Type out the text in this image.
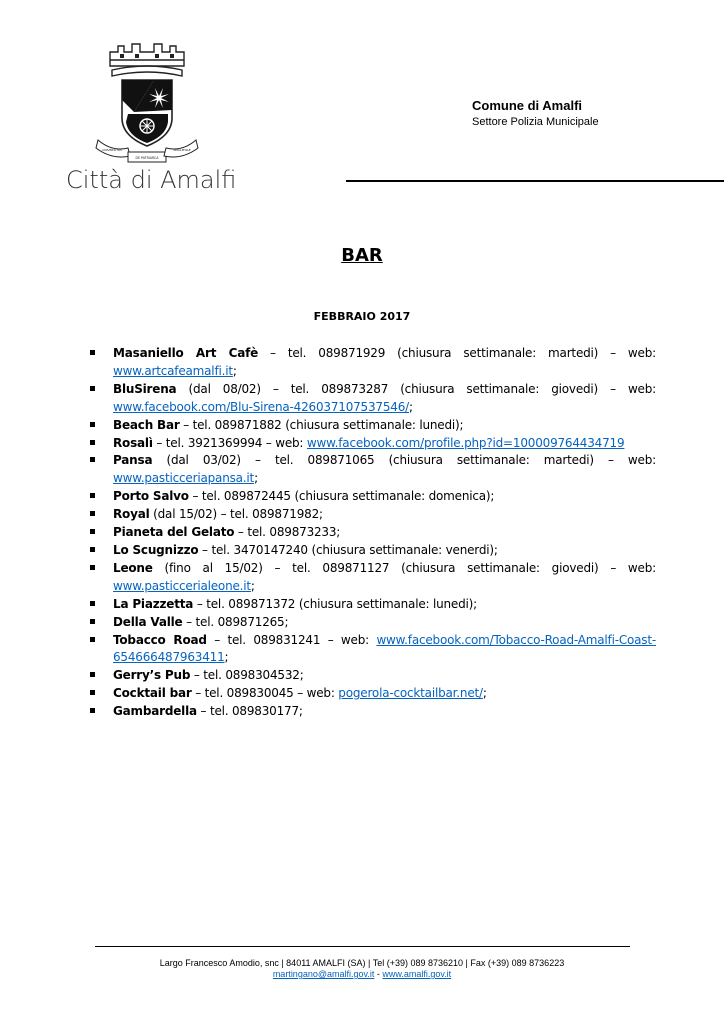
UNIVERSITAS
DE PATRIARCA
AMALPHIAE
Città di Amalfi
Comune di Amalfi
Settore Polizia Municipale
BAR
FEBBRAIO 2017
Masaniello Art Cafè – tel. 089871929 (chiusura settimanale: martedi) – web: www.artcafeamalfi.it;
BluSirena (dal 08/02) – tel. 089873287 (chiusura settimanale: giovedi) – web: www.facebook.com/Blu-Sirena-426037107537546/;
Beach Bar – tel. 089871882 (chiusura settimanale: lunedi);
Rosalì – tel. 3921369994 – web: www.facebook.com/profile.php?id=100009764434719
Pansa (dal 03/02) – tel. 089871065 (chiusura settimanale: martedi) – web: www.pasticceriapansa.it;
Porto Salvo – tel. 089872445 (chiusura settimanale: domenica);
Royal (dal 15/02) – tel. 089871982;
Pianeta del Gelato – tel. 089873233;
Lo Scugnizzo – tel. 3470147240 (chiusura settimanale: venerdi);
Leone (fino al 15/02) – tel. 089871127 (chiusura settimanale: giovedi) – web: www.pasticcerialeone.it;
La Piazzetta – tel. 089871372 (chiusura settimanale: lunedi);
Della Valle – tel. 089871265;
Tobacco Road – tel. 089831241 – web: www.facebook.com/Tobacco-Road-Amalfi-Coast-654666487963411;
Gerry’s Pub – tel. 0898304532;
Cocktail bar – tel. 089830045 – web: pogerola-cocktailbar.net/;
Gambardella – tel. 089830177;
Largo Francesco Amodio, snc | 84011 AMALFI (SA) | Tel (+39) 089 8736210 | Fax (+39) 089 8736223
martingano@amalfi.gov.it - www.amalfi.gov.it
